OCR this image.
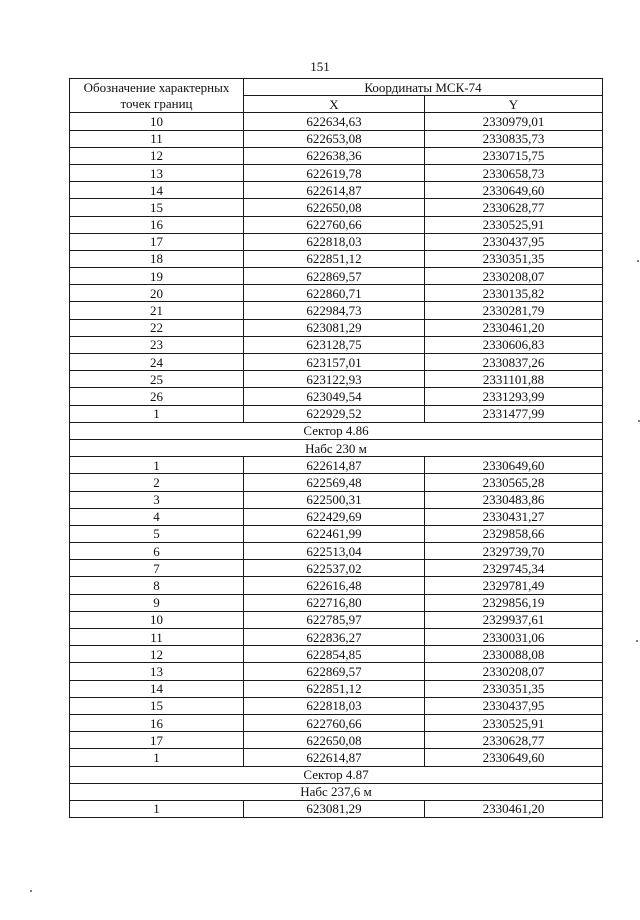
151
Обозначение характерных точек границ	Координаты МСК-74	
	X	Y
10	622634,63	2330979,01
11	622653,08	2330835,73
12	622638,36	2330715,75
13	622619,78	2330658,73
14	622614,87	2330649,60
15	622650,08	2330628,77
16	622760,66	2330525,91
17	622818,03	2330437,95
18	622851,12	2330351,35
19	622869,57	2330208,07
20	622860,71	2330135,82
21	622984,73	2330281,79
22	623081,29	2330461,20
23	623128,75	2330606,83
24	623157,01	2330837,26
25	623122,93	2331101,88
26	623049,54	2331293,99
1	622929,52	2331477,99
Сектор 4.86		
Набс 230 м		
1	622614,87	2330649,60
2	622569,48	2330565,28
3	622500,31	2330483,86
4	622429,69	2330431,27
5	622461,99	2329858,66
6	622513,04	2329739,70
7	622537,02	2329745,34
8	622616,48	2329781,49
9	622716,80	2329856,19
10	622785,97	2329937,61
11	622836,27	2330031,06
12	622854,85	2330088,08
13	622869,57	2330208,07
14	622851,12	2330351,35
15	622818,03	2330437,95
16	622760,66	2330525,91
17	622650,08	2330628,77
1	622614,87	2330649,60
Сектор 4.87		
Набс 237,6 м		
1	623081,29	2330461,20
